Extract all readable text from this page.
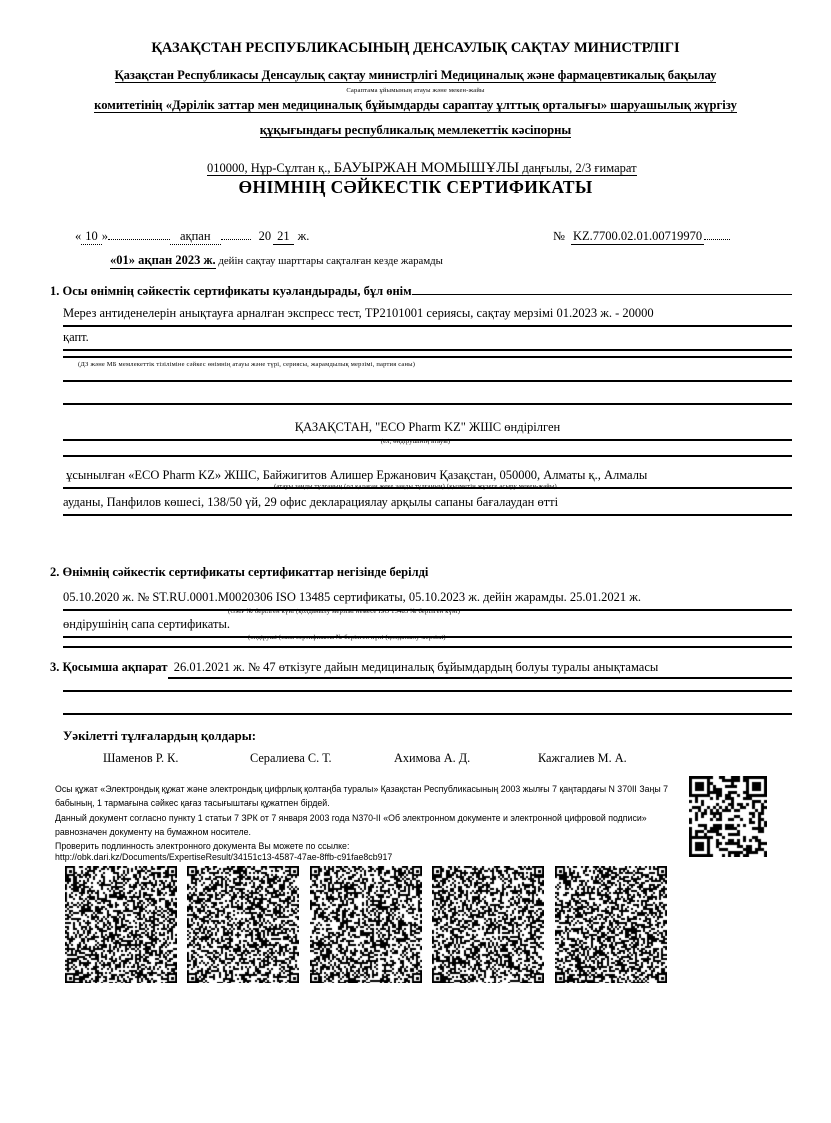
ҚАЗАҚСТАН РЕСПУБЛИКАСЫНЫҢ ДЕНСАУЛЫҚ САҚТАУ МИНИСТРЛІГІ
Қазақстан Республикасы Денсаулық сақтау министрлігі Медициналық және фармацевтикалық бақылау
Сараптама ұйымының атауы және мекен-жайы
комитетінің «Дәрілік заттар мен медициналық бұйымдарды сараптау ұлттық орталығы» шаруашылық жүргізу
құқығындағы республикалық мемлекеттік кәсіпорны

010000, Нұр-Сұлтан қ., БАУЫРЖАН МОМЫШҰЛЫ даңғылы, 2/3 ғимарат

ӨНІМНІҢ СӘЙКЕСТІК СЕРТИФИКАТЫ
« 10 »	ақпан	20 21 ж.	№ KZ.7700.02.01.00719970
«01» ақпан 2023 ж. дейін сақтау шарттары сақталған кезде жарамды
1. Осы өнімнің сәйкестік сертификаты куәландырады, бұл өнім
Мерез антиденелерін анықтауға арналған экспресс тест, ТР2101001 сериясы, сақтау мерзімі 01.2023 ж. - 20000
қапт.
(ДЗ және МБ мемлекеттік тізіліміне сәйкес өнімнің атауы және түрі, сериясы, жарамдылық мерзімі, партия саны)
ҚАЗАҚСТАН, "ECO Pharm KZ" ЖШС өндірілген
(ел, өндірушінің атауы)
ұсынылған «ECO Pharm KZ» ЖШС, Байжигитов Алишер Ержанович Қазақстан, 050000, Алматы қ., Алмалы
(атауы заңды тұлғаның (ол қалаған жеке заңды тұлғаның) (қызметін жүзеге асыру мекен-жайы)
ауданы, Панфилов көшесі, 138/50 үй, 29 офис декларациялау арқылы сапаны бағалаудан өтті
2. Өнімнің сәйкестік сертификаты сертификаттар негізінде берілді
05.10.2020 ж. № ST.RU.0001.М0020306 ISO 13485 сертификаты, 05.10.2023 ж. дейін жарамды. 25.01.2021 ж.
(GMP № берілген күні (қолданылу мерзімі немесе ISO 13485 № берілген күні)
өндірушінің сапа сертификаты.
(өндіруші (сапа сертификаты № берілген күні (қолданылу мерзімі)
3. Қосымша ақпарат 26.01.2021 ж. № 47 өткізуге дайын медициналық бұйымдардың болуы туралы анықтамасы
Уәкілетті тұлғалардың қолдары:
Шаменов Р. К.	Сералиева С. Т.	Ахимова А. Д.	Кажгалиев М. А.
Осы құжат «Электрондық құжат және электрондық цифрлық қолтаңба туралы» Қазақстан Республикасының 2003 жылғы 7 қаңтардағы N 370II Заңы 7 бабының, 1 тармағына сәйкес қағаз тасығыштағы құжатпен бірдей.
Данный документ согласно пункту 1 статьи 7 ЗРК от 7 января 2003 года N370-II «Об электронном документе и электронной цифровой подписи» равнозначен документу на бумажном носителе.
Проверить подлинность электронного документа Вы можете по ссылке:
http://obk.dari.kz/Documents/ExpertiseResult/34151c13-4587-47ae-8ffb-c91fae8cb917
